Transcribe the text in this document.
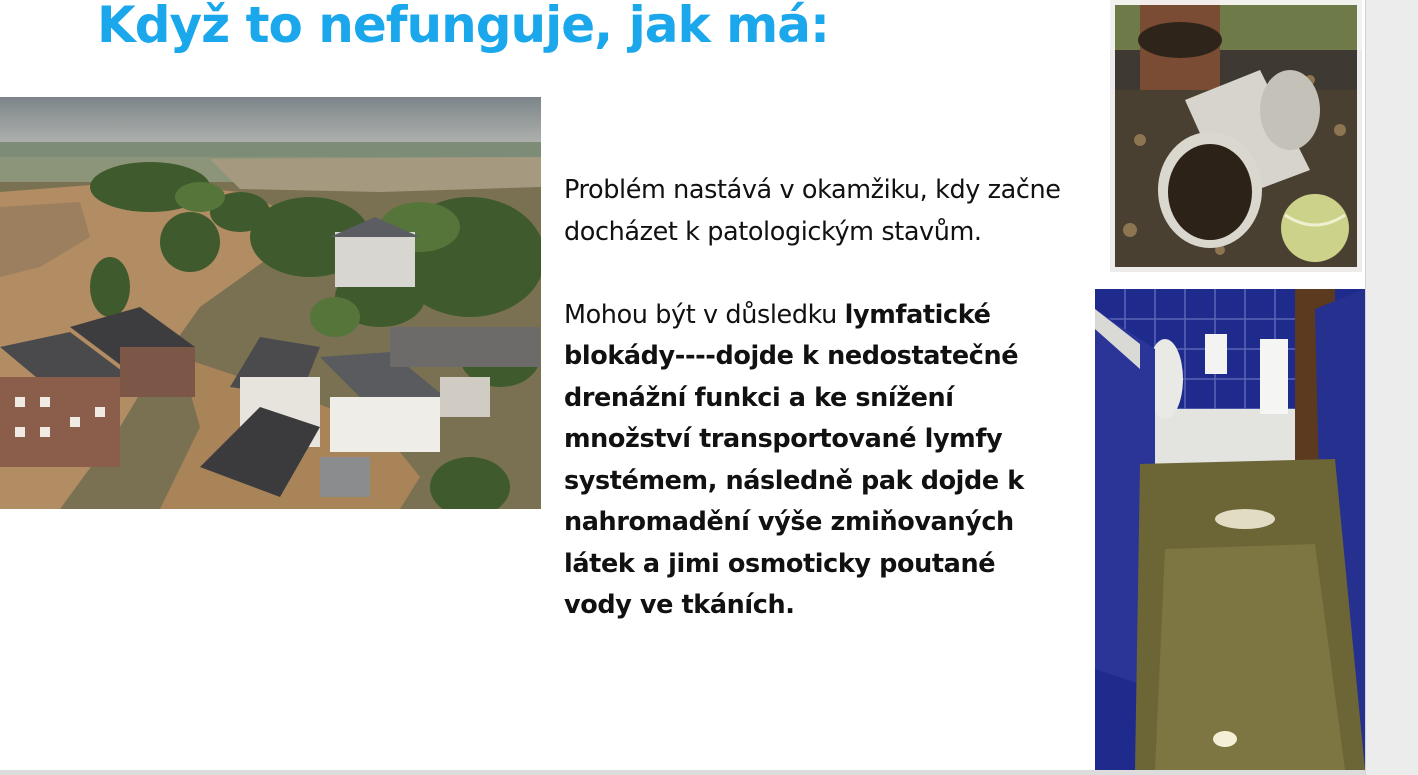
Když to nefunguje, jak má:

Problém nastává v okamžiku, kdy začne docházet k patologickým stavům.

Mohou být v důsledku lymfatické blokády----dojde k nedostatečné drenážní funkci a ke snížení množství transportované lymfy systémem, následně pak dojde k nahromadění výše zmiňovaných látek a jimi osmoticky poutané vody ve tkáních.
